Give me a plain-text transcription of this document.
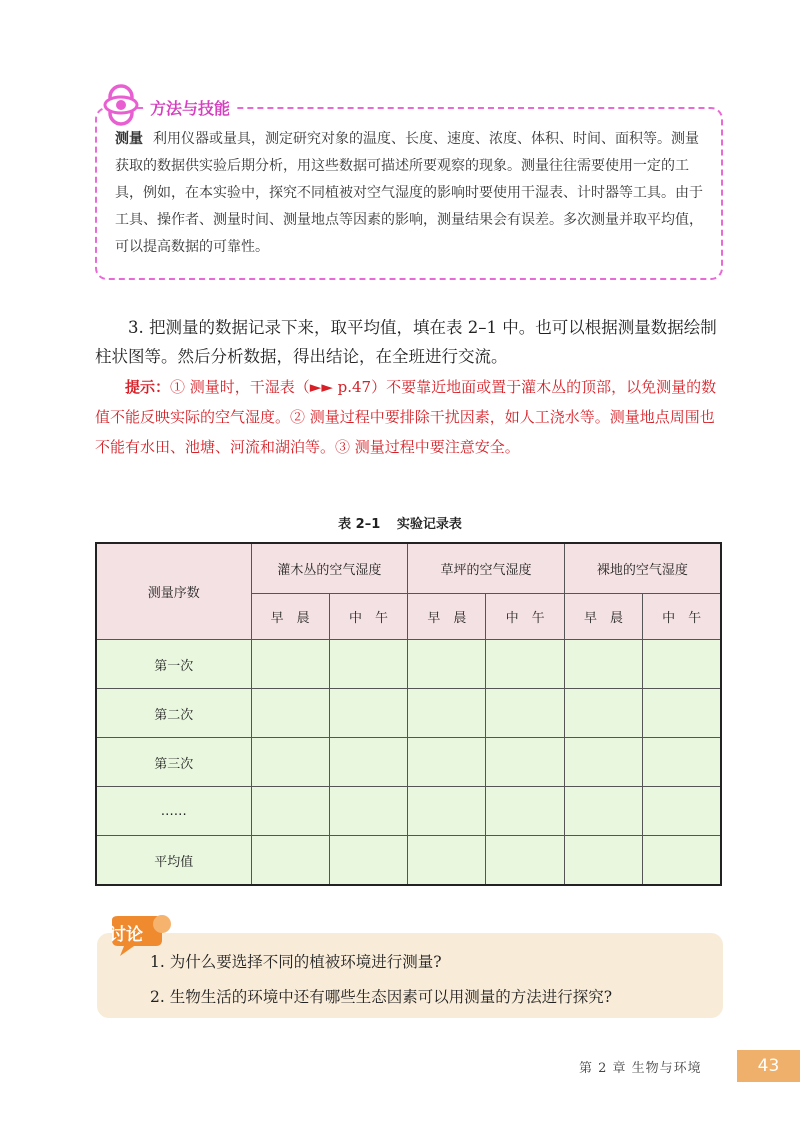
方法与技能
测量 利用仪器或量具，测定研究对象的温度、长度、速度、浓度、体积、时间、面积等。测量获取的数据供实验后期分析，用这些数据可描述所要观察的现象。测量往往需要使用一定的工具，例如，在本实验中，探究不同植被对空气湿度的影响时要使用干湿表、计时器等工具。由于工具、操作者、测量时间、测量地点等因素的影响，测量结果会有误差。多次测量并取平均值，可以提高数据的可靠性。
3. 把测量的数据记录下来，取平均值，填在表 2–1 中。也可以根据测量数据绘制柱状图等。然后分析数据，得出结论，在全班进行交流。
提示：① 测量时，干湿表（►► p.47）不要靠近地面或置于灌木丛的顶部，以免测量的数值不能反映实际的空气湿度。② 测量过程中要排除干扰因素，如人工浇水等。测量地点周围也不能有水田、池塘、河流和湖泊等。③ 测量过程中要注意安全。
表 2–1 实验记录表
测量序数	灌木丛的空气湿度		草坪的空气湿度		裸地的空气湿度	
	早　晨	中　午	早　晨	中　午	早　晨	中　午
第一次						
第二次						
第三次						
……						
平均值						
讨论
1. 为什么要选择不同的植被环境进行测量?
2. 生物生活的环境中还有哪些生态因素可以用测量的方法进行探究?
第 2 章 生物与环境	43
